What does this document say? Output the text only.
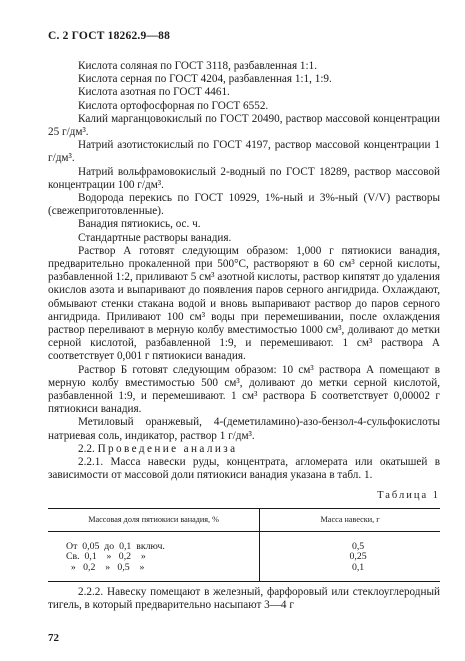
С. 2 ГОСТ 18262.9—88

Кислота соляная по ГОСТ 3118, разбавленная 1:1.

Кислота серная по ГОСТ 4204, разбавленная 1:1, 1:9.

Кислота азотная по ГОСТ 4461.

Кислота ортофосфорная по ГОСТ 6552.

Калий марганцовокислый по ГОСТ 20490, раствор массовой концентрации 25 г/дм³.

Натрий азотистокислый по ГОСТ 4197, раствор массовой концентрации 1 г/дм³.

Натрий вольфрамовокислый 2-водный по ГОСТ 18289, раствор массовой концентрации 100 г/дм³.

Водорода перекись по ГОСТ 10929, 1%-ный и 3%-ный (V/V) растворы (свежеприготовленные).

Ванадия пятиокись, ос. ч.

Стандартные растворы ванадия.

Раствор А готовят следующим образом: 1,000 г пятиокиси ванадия, предварительно прокаленной при 500°С, растворяют в 60 см³ серной кислоты, разбавленной 1:2, приливают 5 см³ азотной кислоты, раствор кипятят до удаления окислов азота и выпаривают до появления паров серного ангидрида. Охлаждают, обмывают стенки стакана водой и вновь выпаривают раствор до паров серного ангидрида. Приливают 100 см³ воды при перемешивании, после охлаждения раствор переливают в мерную колбу вместимостью 1000 см³, доливают до метки серной кислотой, разбавленной 1:9, и перемешивают. 1 см³ раствора А соответствует 0,001 г пятиокиси ванадия.

Раствор Б готовят следующим образом: 10 см³ раствора А помещают в мерную колбу вместимостью 500 см³, доливают до метки серной кислотой, разбавленной 1:9, и перемешивают. 1 см³ раствора Б соответствует 0,00002 г пятиокиси ванадия.

Метиловый оранжевый, 4-(деметиламино)-азо-бензол-4-сульфокислоты натриевая соль, индикатор, раствор 1 г/дм³.

2.2. Проведение анализа

2.2.1. Масса навески руды, концентрата, агломерата или окатышей в зависимости от массовой доли пятиокиси ванадия указана в табл. 1.

Таблица 1
Массовая доля пятиокиси ванадия, %	Масса навески, г
От  0,05  до  0,1  включ.	0,5
Св.  0,1    »   0,2    »	0,25
»   0,2    »   0,5    »	0,1

2.2.2. Навеску помещают в железный, фарфоровый или стеклоуглеродный тигель, в который предварительно насыпают 3—4 г

72
